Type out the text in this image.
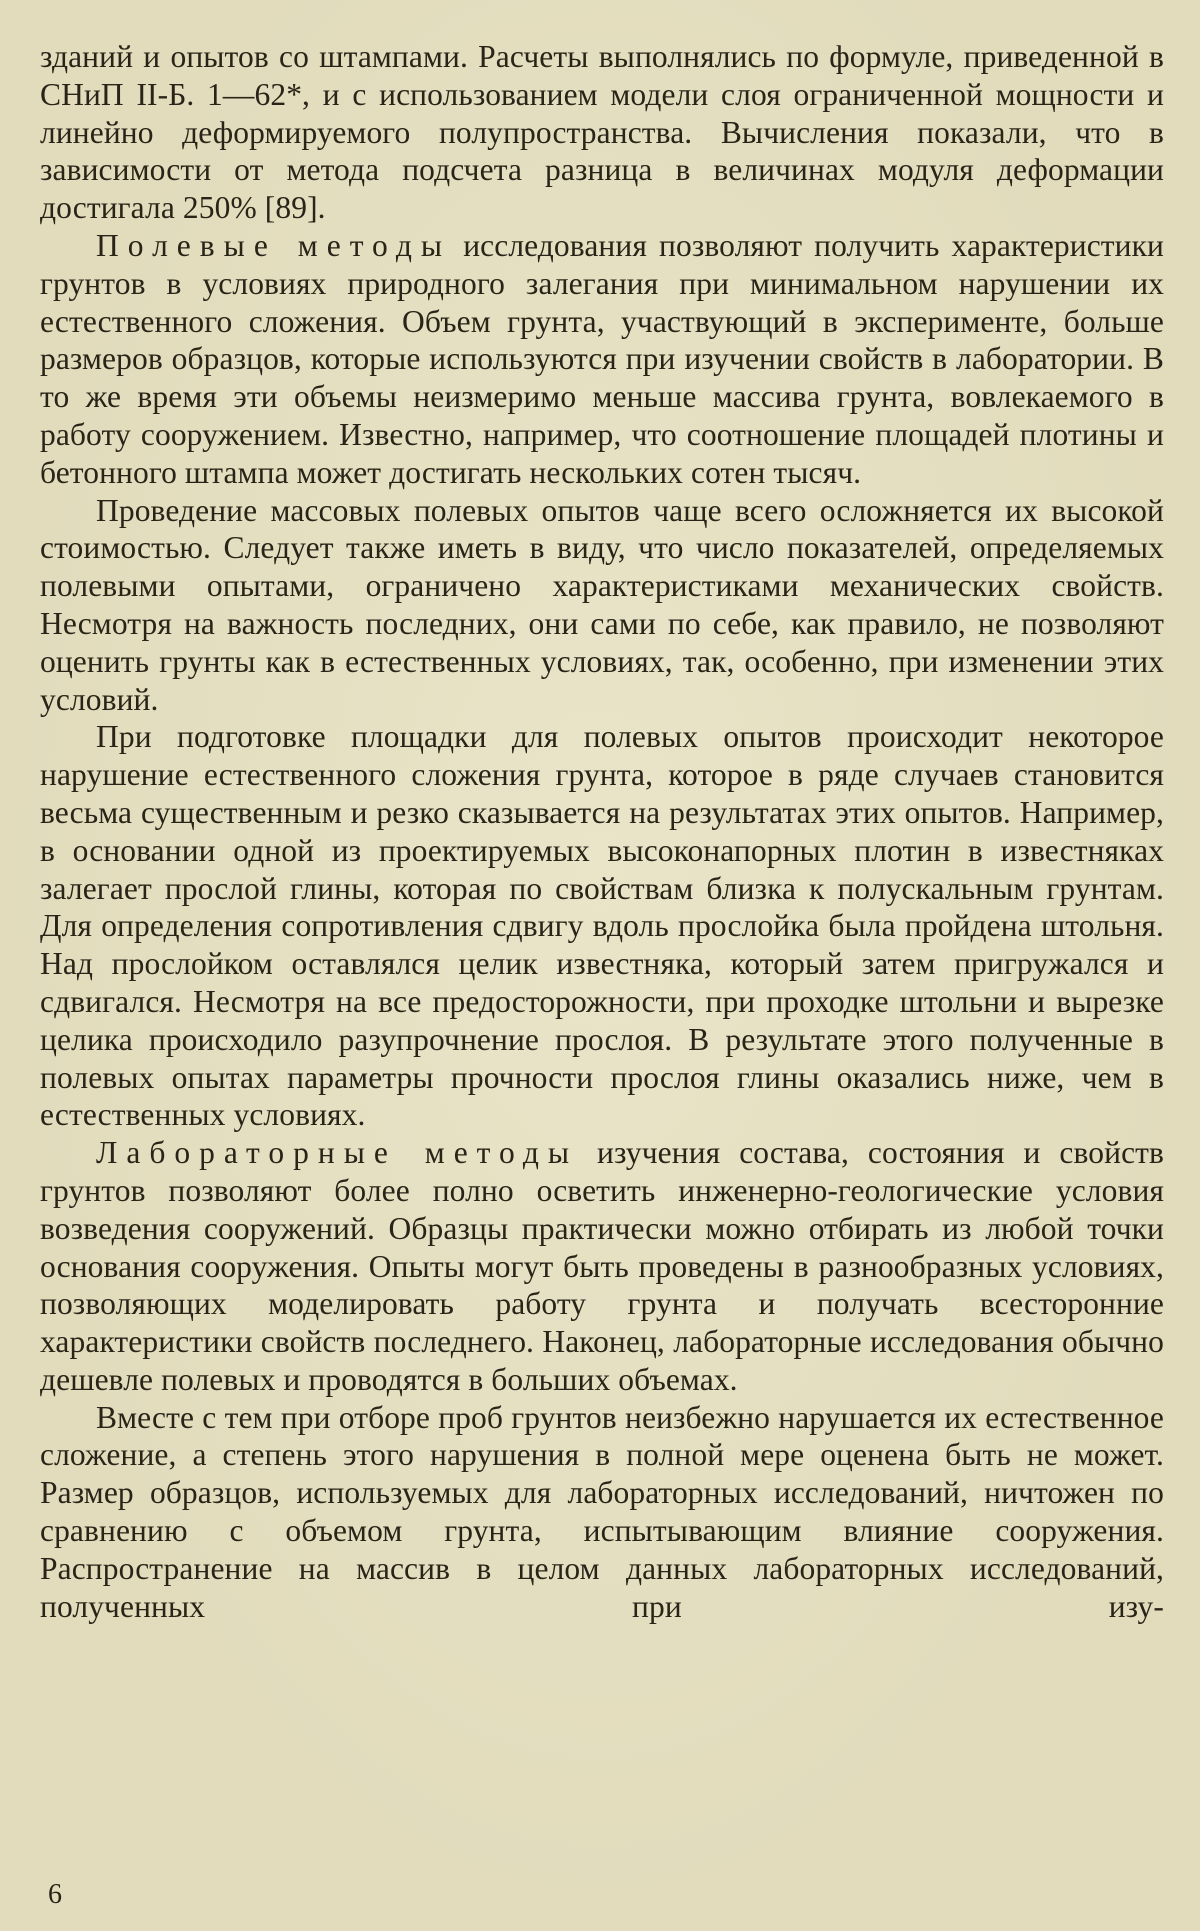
зданий и опытов со штампами. Расчеты выполнялись по формуле, приведенной в СНиП II-Б. 1—62*, и с использованием модели слоя ограниченной мощности и линейно деформируемого полупространства. Вычисления показали, что в зависимости от метода подсчета разница в величинах модуля деформации достигала 250% [89].

Полевые методы исследования позволяют получить характеристики грунтов в условиях природного залегания при минимальном нарушении их естественного сложения. Объем грунта, участвующий в эксперименте, больше размеров образцов, которые используются при изучении свойств в лаборатории. В то же время эти объемы неизмеримо меньше массива грунта, вовлекаемого в работу сооружением. Известно, например, что соотношение площадей плотины и бетонного штампа может достигать нескольких сотен тысяч.

Проведение массовых полевых опытов чаще всего осложняется их высокой стоимостью. Следует также иметь в виду, что число показателей, определяемых полевыми опытами, ограничено характеристиками механических свойств. Несмотря на важность последних, они сами по себе, как правило, не позволяют оценить грунты как в естественных условиях, так, особенно, при изменении этих условий.

При подготовке площадки для полевых опытов происходит некоторое нарушение естественного сложения грунта, которое в ряде случаев становится весьма существенным и резко сказывается на результатах этих опытов. Например, в основании одной из проектируемых высоконапорных плотин в известняках залегает прослой глины, которая по свойствам близка к полускальным грунтам. Для определения сопротивления сдвигу вдоль прослойка была пройдена штольня. Над прослойком оставлялся целик известняка, который затем пригружался и сдвигался. Несмотря на все предосторожности, при проходке штольни и вырезке целика происходило разупрочнение прослоя. В результате этого полученные в полевых опытах параметры прочности прослоя глины оказались ниже, чем в естественных условиях.

Лабораторные методы изучения состава, состояния и свойств грунтов позволяют более полно осветить инженерно-геологические условия возведения сооружений. Образцы практически можно отбирать из любой точки основания сооружения. Опыты могут быть проведены в разнообразных условиях, позволяющих моделировать работу грунта и получать всесторонние характеристики свойств последнего. Наконец, лабораторные исследования обычно дешевле полевых и проводятся в больших объемах.

Вместе с тем при отборе проб грунтов неизбежно нарушается их естественное сложение, а степень этого нарушения в полной мере оценена быть не может. Размер образцов, используемых для лабораторных исследований, ничтожен по сравнению с объемом грунта, испытывающим влияние сооружения. Распространение на массив в целом данных лабораторных исследований, полученных при изу-

6
